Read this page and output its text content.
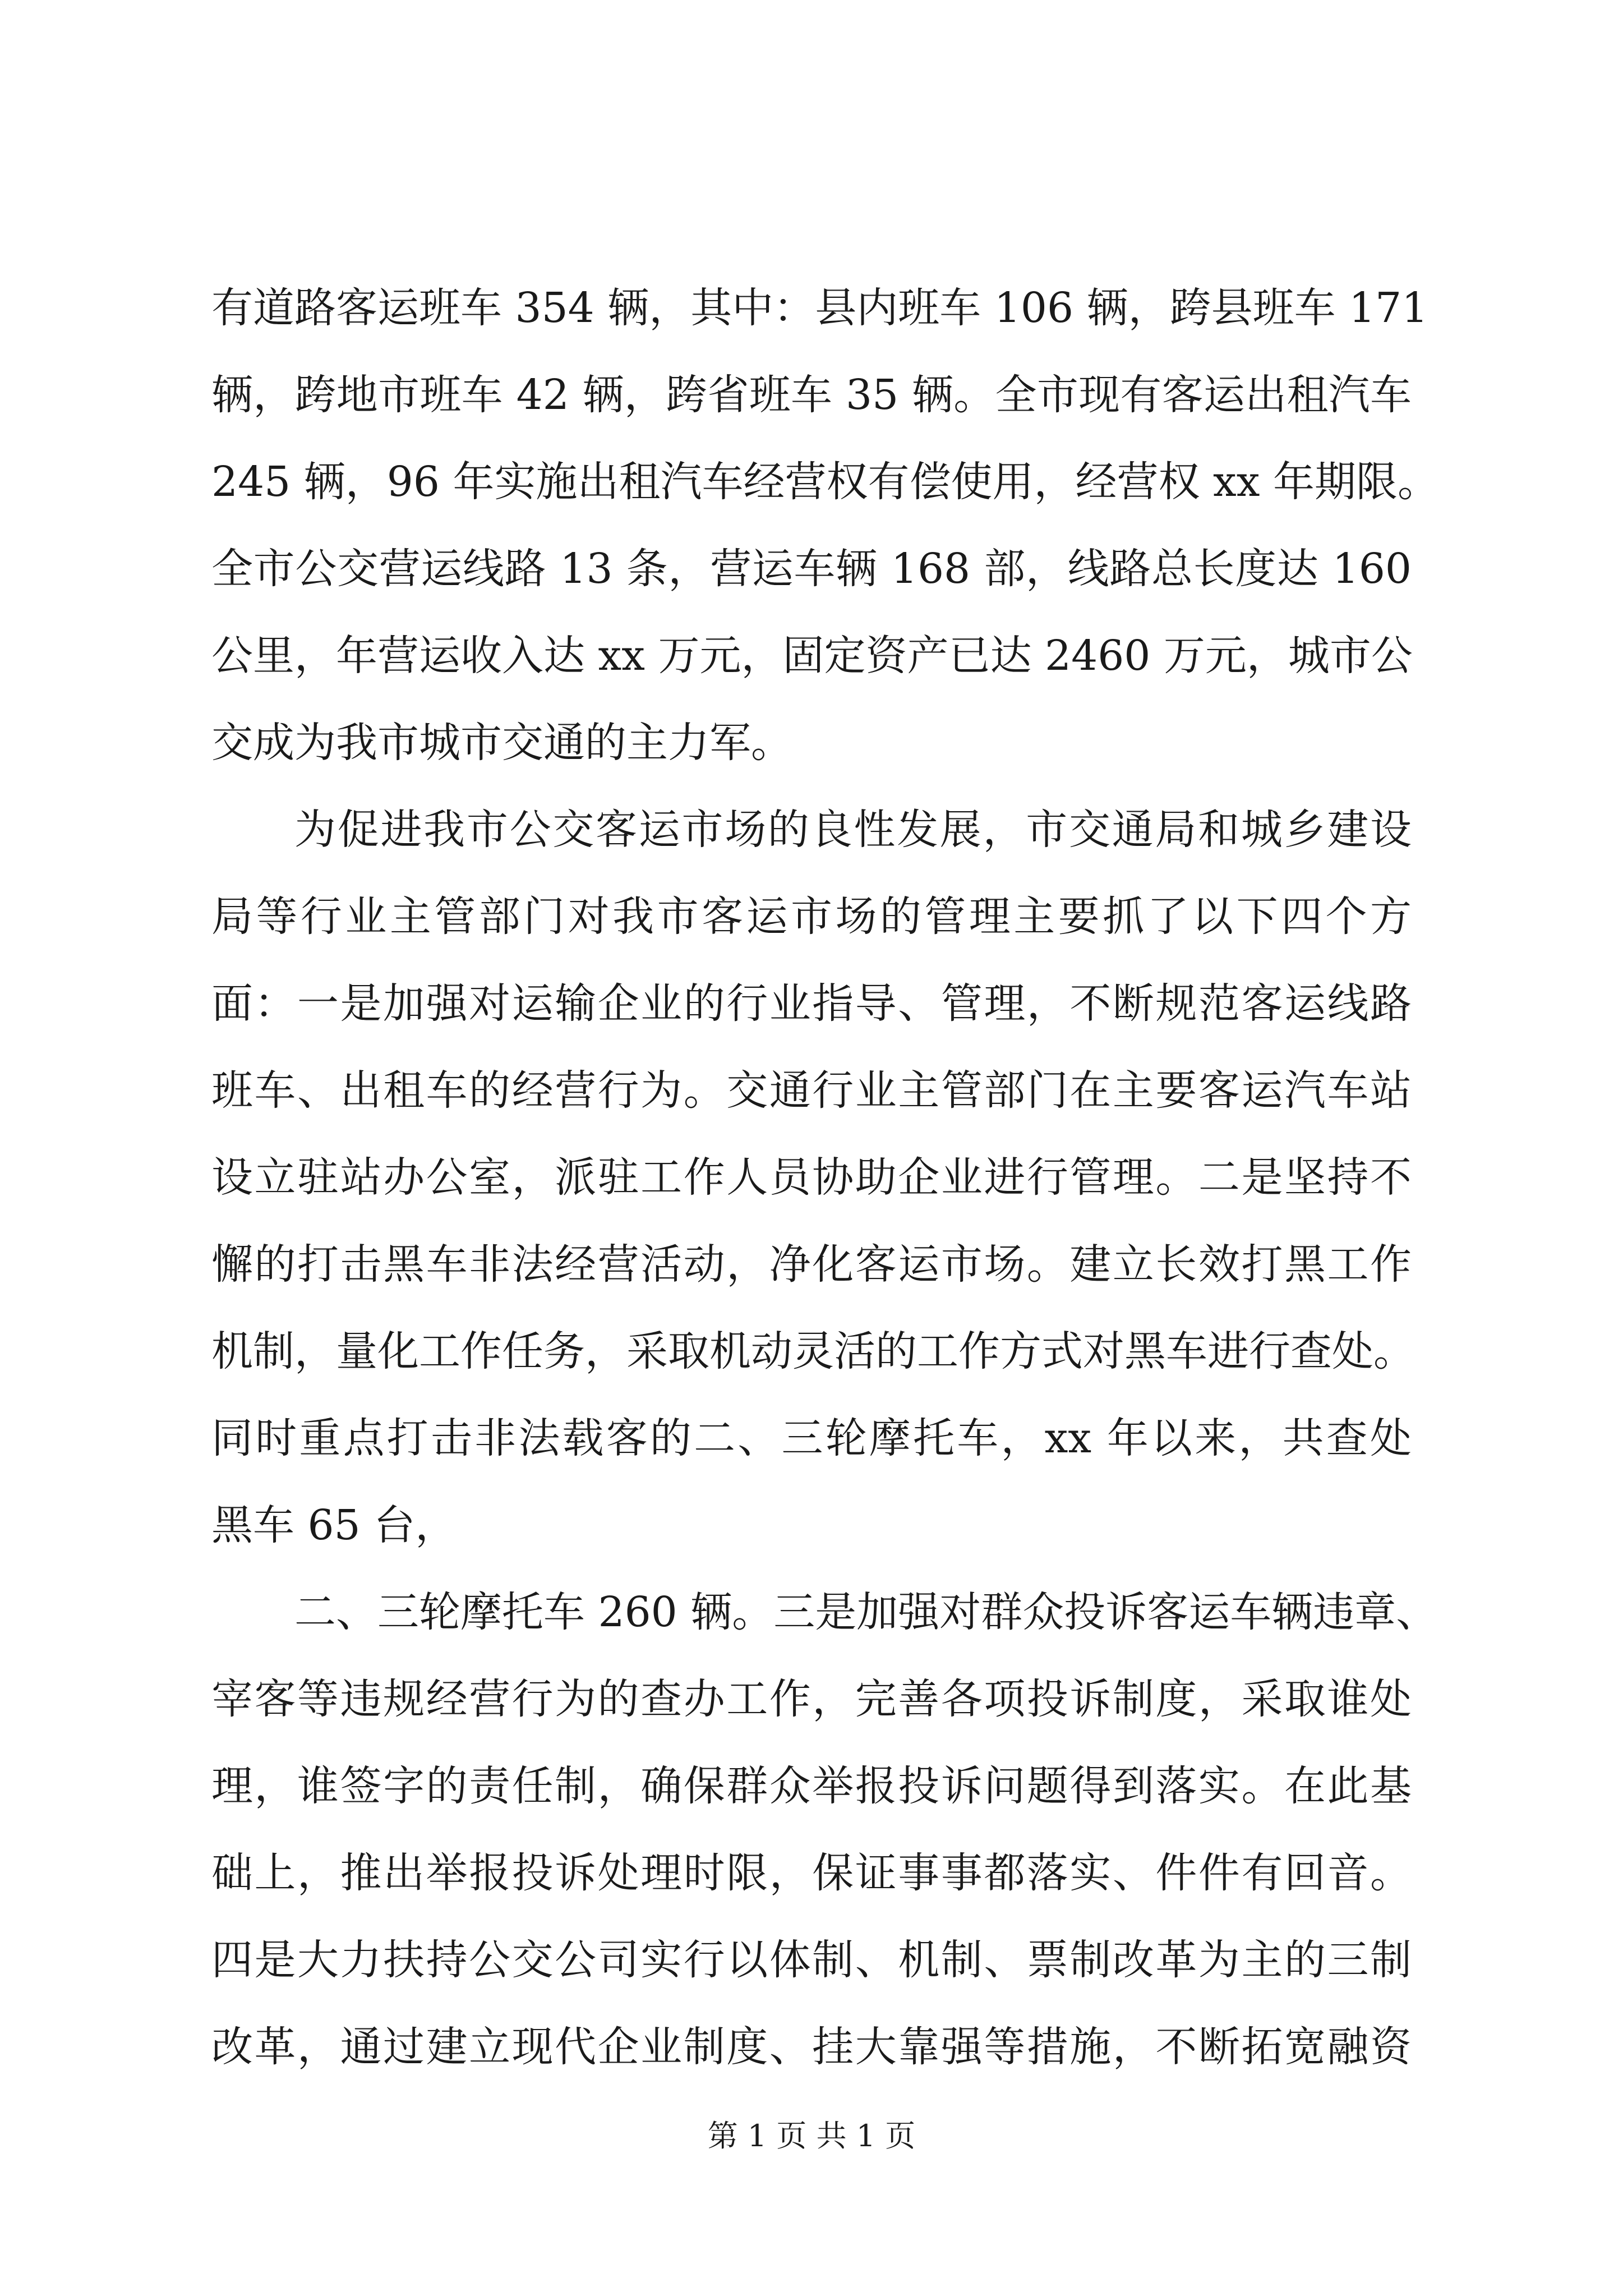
有道路客运班车 354 辆，其中：县内班车 106 辆，跨县班车 171
辆，跨地市班车 42 辆，跨省班车 35 辆。全市现有客运出租汽车
245 辆，96 年实施出租汽车经营权有偿使用，经营权 xx 年期限。
全市公交营运线路 13 条，营运车辆 168 部，线路总长度达 160
公里，年营运收入达 xx 万元，固定资产已达 2460 万元，城市公
交成为我市城市交通的主力军。
为促进我市公交客运市场的良性发展，市交通局和城乡建设
局等行业主管部门对我市客运市场的管理主要抓了以下四个方
面：一是加强对运输企业的行业指导、管理，不断规范客运线路
班车、出租车的经营行为。交通行业主管部门在主要客运汽车站
设立驻站办公室，派驻工作人员协助企业进行管理。二是坚持不
懈的打击黑车非法经营活动，净化客运市场。建立长效打黑工作
机制，量化工作任务，采取机动灵活的工作方式对黑车进行查处。
同时重点打击非法载客的二、三轮摩托车，xx 年以来，共查处
黑车 65 台，
二、三轮摩托车 260 辆。三是加强对群众投诉客运车辆违章、
宰客等违规经营行为的查办工作，完善各项投诉制度，采取谁处
理，谁签字的责任制，确保群众举报投诉问题得到落实。在此基
础上，推出举报投诉处理时限，保证事事都落实、件件有回音。
四是大力扶持公交公司实行以体制、机制、票制改革为主的三制
改革，通过建立现代企业制度、挂大靠强等措施，不断拓宽融资
第 1 页 共 1 页
